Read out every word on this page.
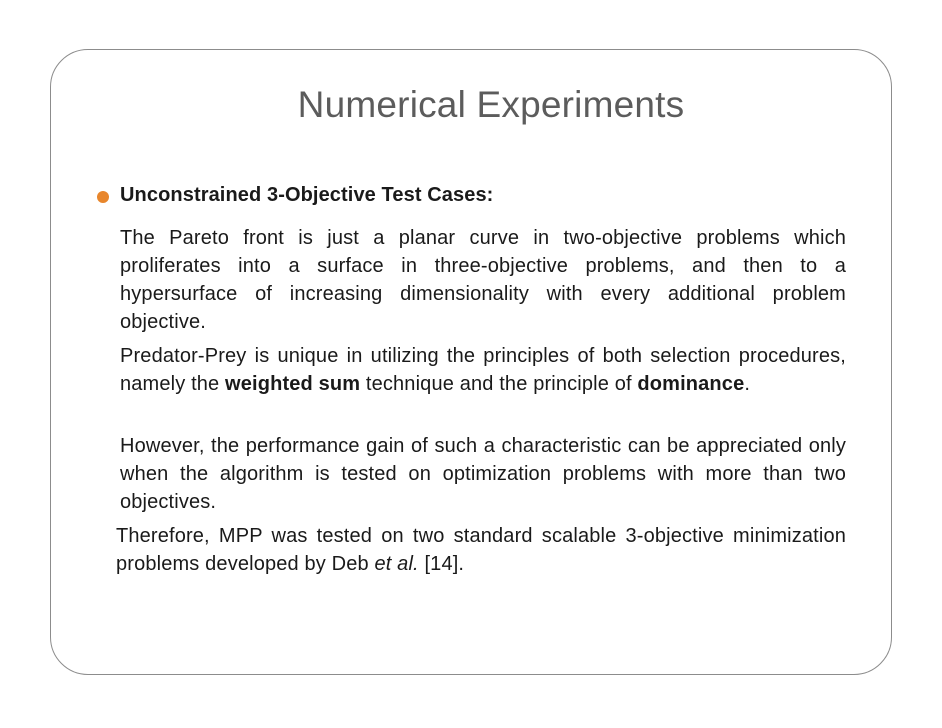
Numerical Experiments
Unconstrained 3-Objective Test Cases:
The Pareto front is just a planar curve in two-objective problems which proliferates into a surface in three-objective problems, and then to a hypersurface of increasing dimensionality with every additional problem objective.
Predator-Prey is unique in utilizing the principles of both selection procedures, namely the weighted sum technique and the principle of dominance.
However, the performance gain of such a characteristic can be appreciated only when the algorithm is tested on optimization problems with more than two objectives.
Therefore, MPP was tested on two standard scalable 3-objective minimization problems developed by Deb et al. [14].
